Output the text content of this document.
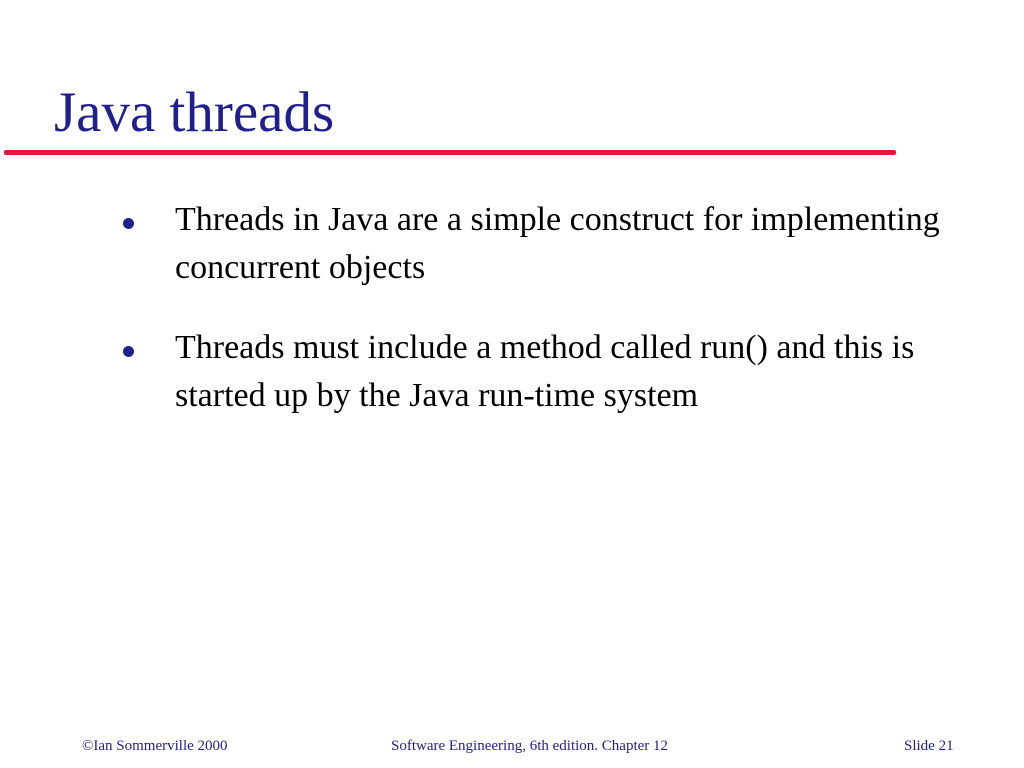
Java threads
Threads in Java are a simple construct for implementing concurrent objects
Threads must include a method called run() and this is started up by the Java run-time system
©Ian Sommerville 2000	Software Engineering, 6th edition. Chapter 12	Slide 21
